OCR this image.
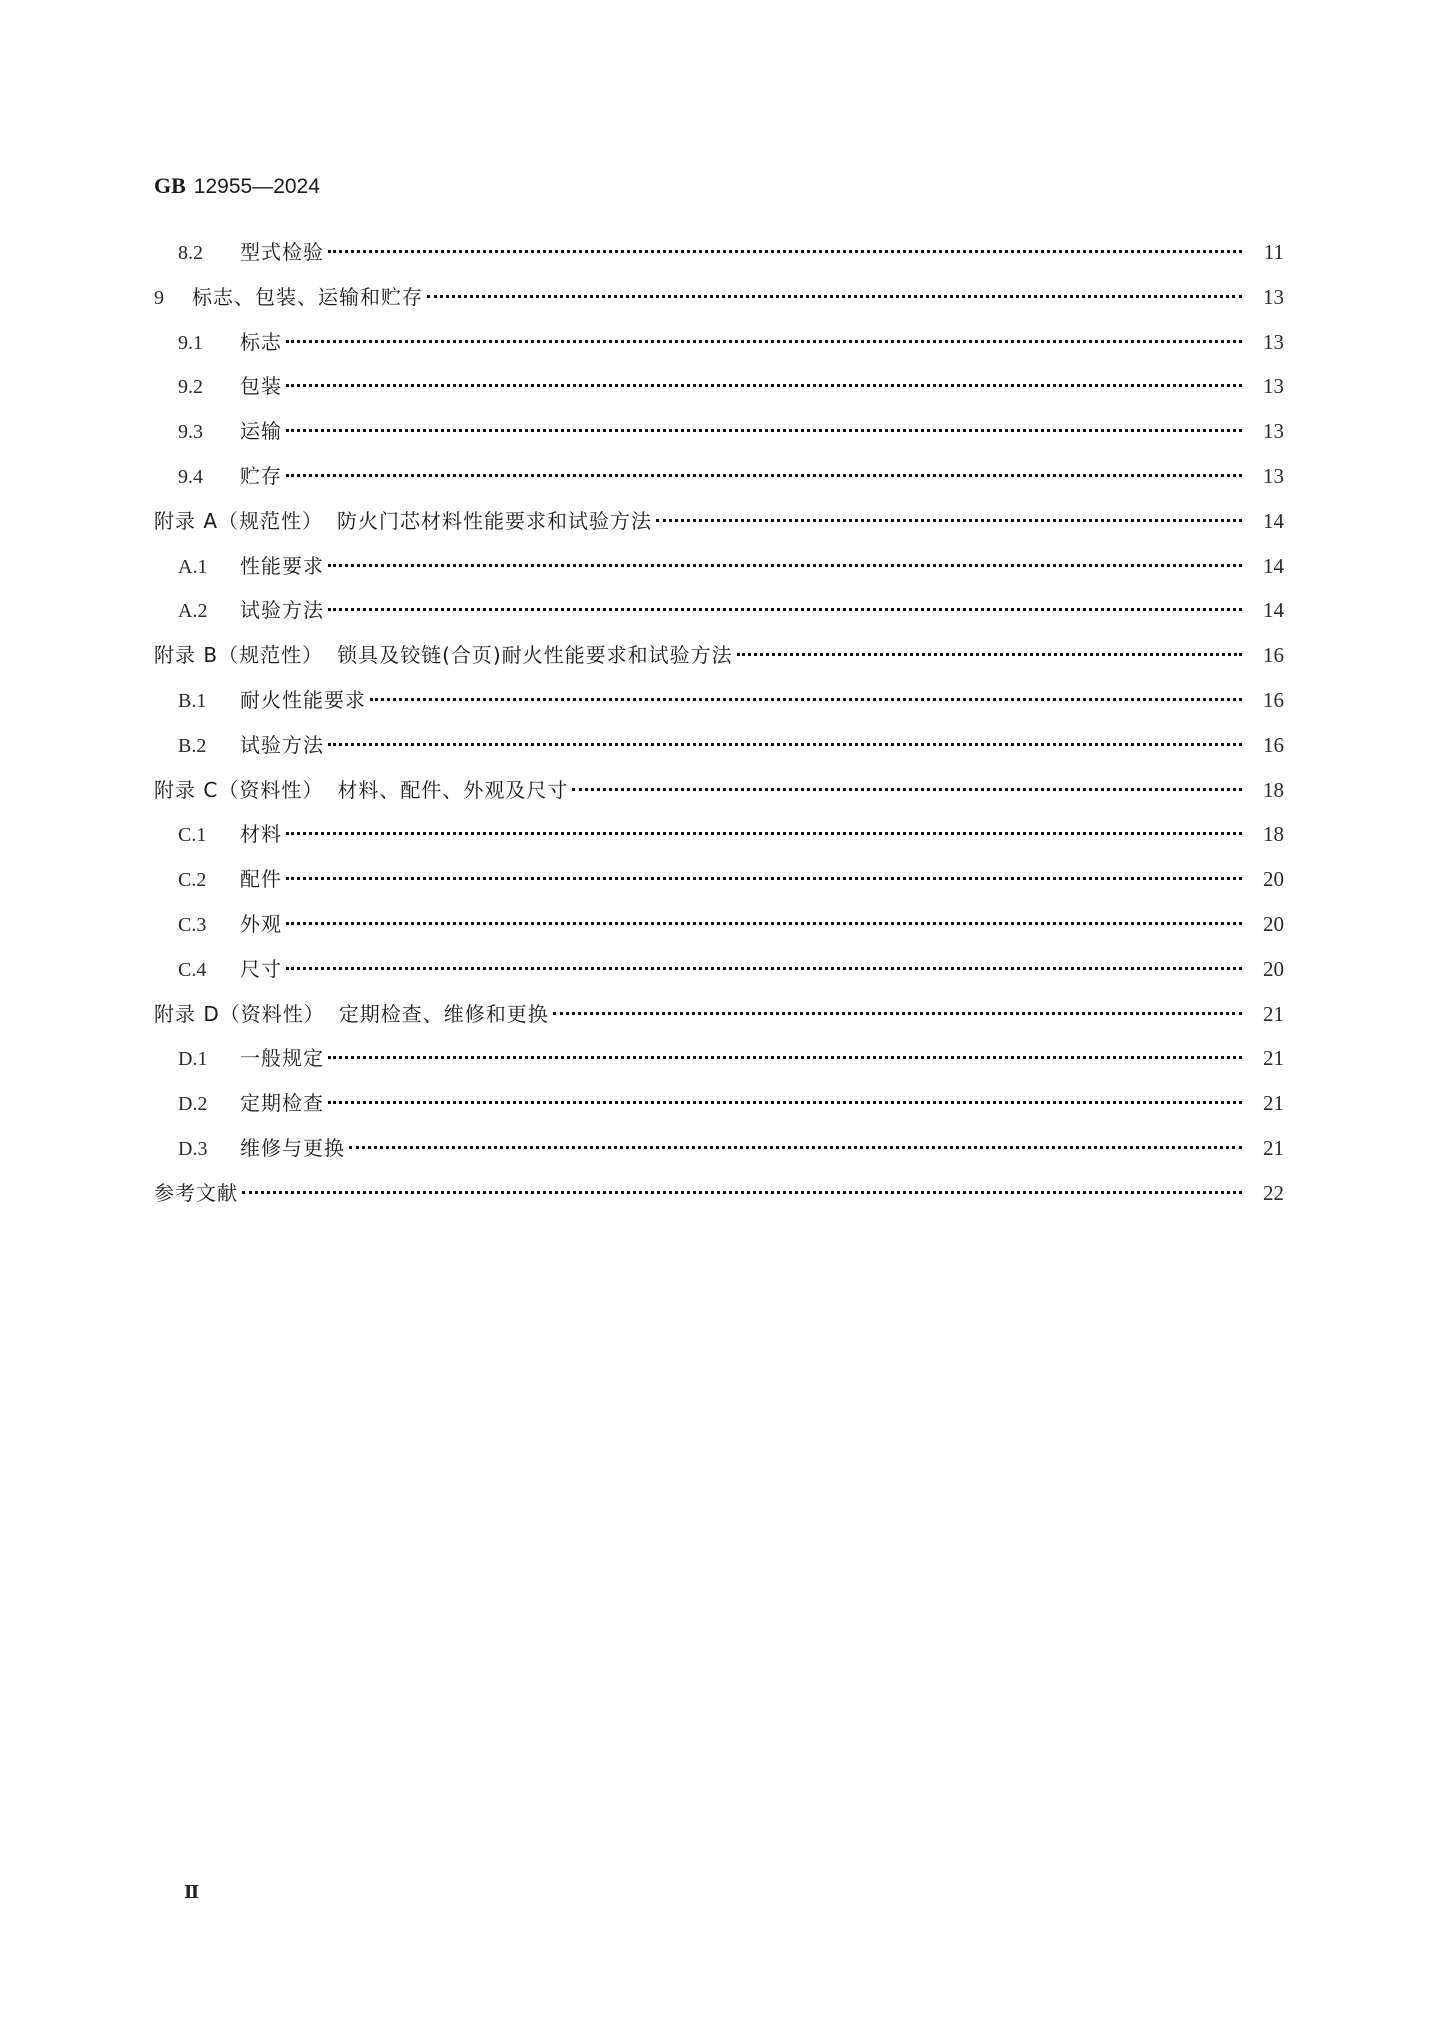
GB 12955—2024
8.2	型式检验	11
9	标志、包装、运输和贮存	13
9.1	标志	13
9.2	包装	13
9.3	运输	13
9.4	贮存	13
附录 A（规范性） 防火门芯材料性能要求和试验方法	14
A.1	性能要求	14
A.2	试验方法	14
附录 B（规范性） 锁具及铰链(合页)耐火性能要求和试验方法	16
B.1	耐火性能要求	16
B.2	试验方法	16
附录 C（资料性） 材料、配件、外观及尺寸	18
C.1	材料	18
C.2	配件	20
C.3	外观	20
C.4	尺寸	20
附录 D（资料性） 定期检查、维修和更换	21
D.1	一般规定	21
D.2	定期检查	21
D.3	维修与更换	21
参考文献	22
Ⅱ
